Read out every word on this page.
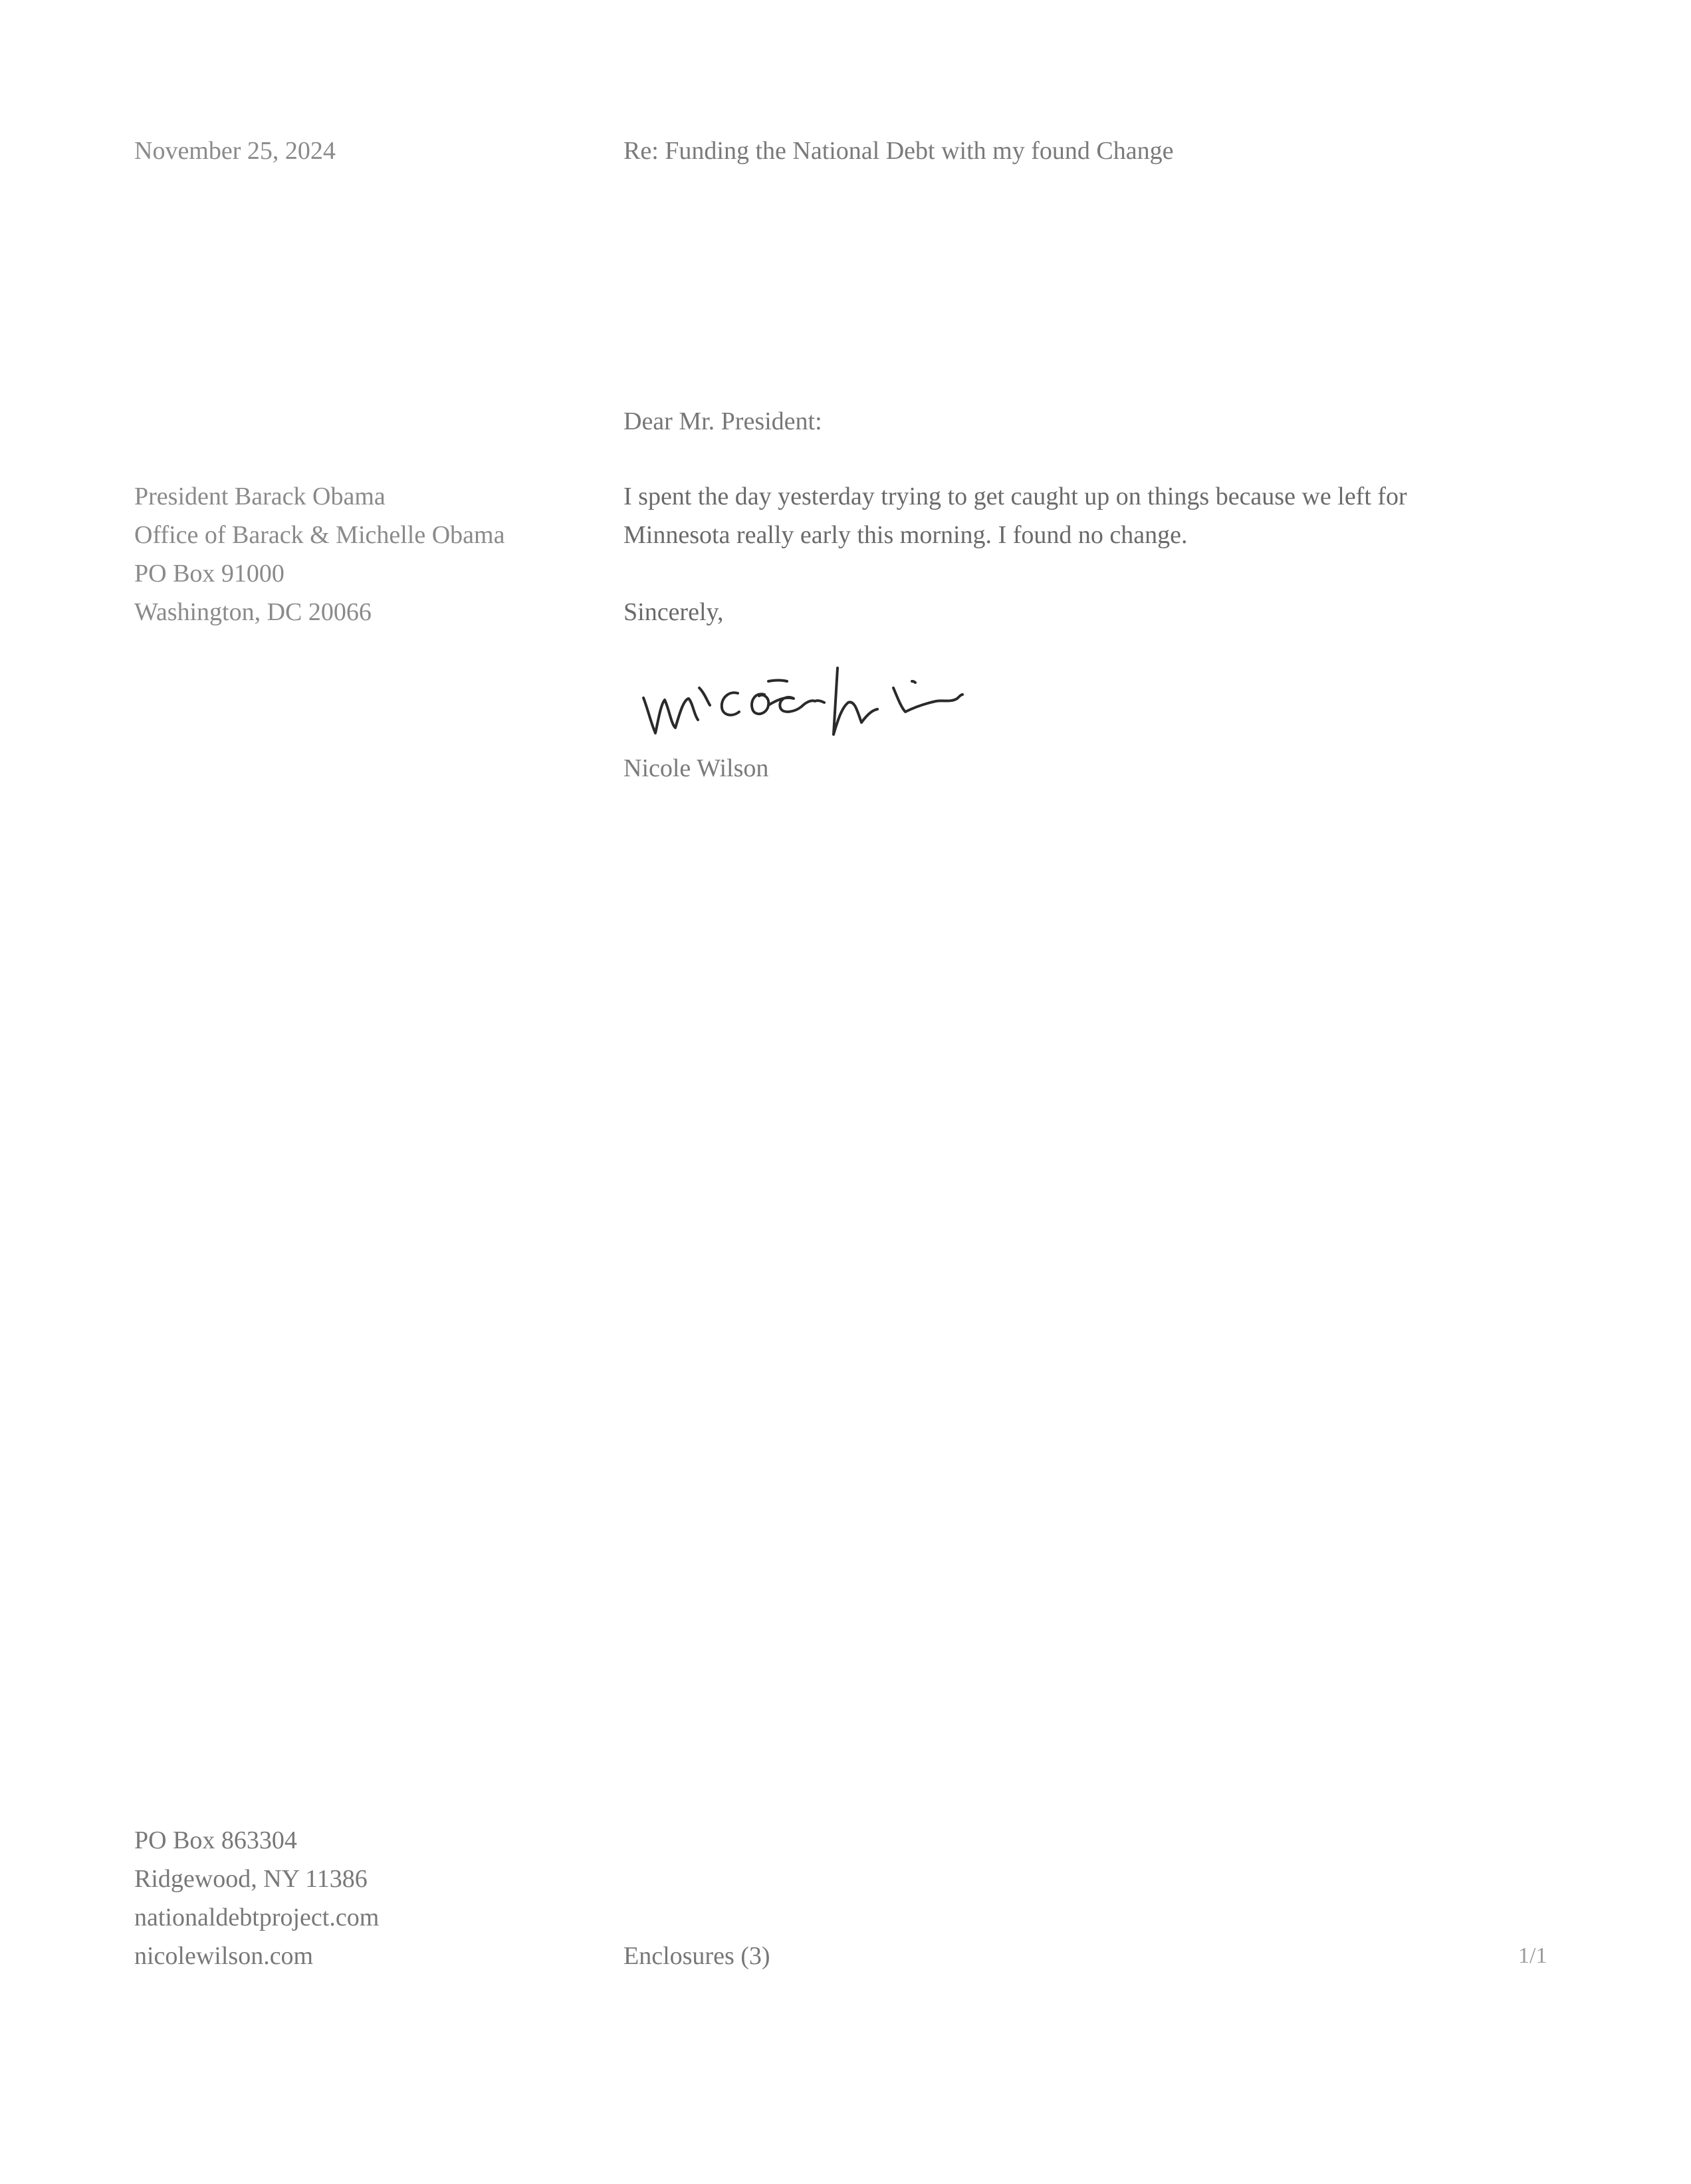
November 25, 2024	Re: Funding the National Debt with my found Change
Dear Mr. President:
President Barack Obama
Office of Barack & Michelle Obama
PO Box 91000
Washington, DC 20066
I spent the day yesterday trying to get caught up on things because we left for
Minnesota really early this morning. I found no change.
Sincerely,
Nicole Wilson
PO Box 863304
Ridgewood, NY 11386
nationaldebtproject.com
nicolewilson.com	Enclosures (3)	1/1
